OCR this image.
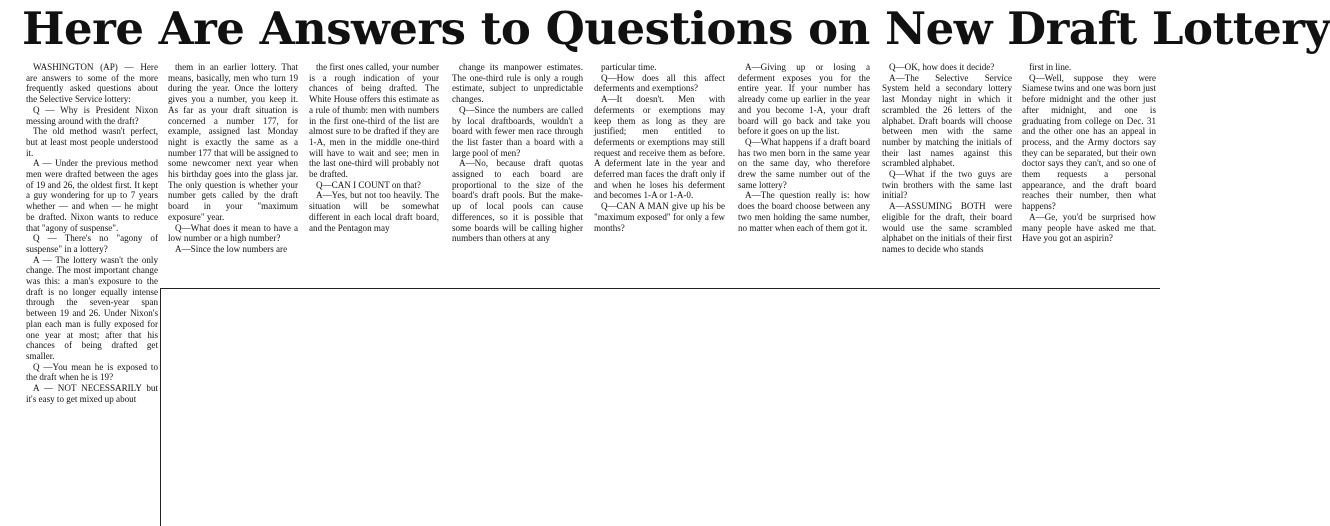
Here Are Answers to Questions on New Draft Lottery

WASHINGTON (AP) — Here are answers to some of the more frequently asked questions about the Selective Service lottery:

Q — Why is President Nixon messing around with the draft?

The old method wasn't perfect, but at least most people understood it.

A — Under the previous method men were drafted between the ages of 19 and 26, the oldest first. It kept a guy wondering for up to 7 years whether — and when — he might be drafted. Nixon wants to reduce that "agony of suspense".

Q — There's no "agony of suspense" in a lottery?

A — The lottery wasn't the only change. The most important change was this: a man's exposure to the draft is no longer equally intense through the seven-year span between 19 and 26. Under Nixon's plan each man is fully exposed for one year at most; after that his chances of being drafted get smaller.

Q —You mean he is exposed to the draft when he is 19?

A — NOT NECESSARILY but it's easy to get mixed up about

them in an earlier lottery. That means, basically, men who turn 19 during the year. Once the lottery gives you a number, you keep it. As far as your draft situation is concerned a number 177, for example, assigned last Monday night is exactly the same as a number 177 that will be assigned to some newcomer next year when his birthday goes into the glass jar. The only question is whether your number gets called by the draft board in your "maximum exposure" year.

Q—What does it mean to have a low number or a high number?

A—Since the low numbers are

the first ones called, your number is a rough indication of your chances of being drafted. The White House offers this estimate as a rule of thumb: men with numbers in the first one-third of the list are almost sure to be drafted if they are 1-A, men in the middle one-third will have to wait and see; men in the last one-third will probably not be drafted.

Q—CAN I COUNT on that?

A—Yes, but not too heavily. The situation will be somewhat different in each local draft board, and the Pentagon may

change its manpower estimates. The one-third rule is only a rough estimate, subject to unpredictable changes.

Q—Since the numbers are called by local draftboards, wouldn't a board with fewer men race through the list faster than a board with a large pool of men?

A—No, because draft quotas assigned to each board are proportional to the size of the board's draft pools. But the make-up of local pools can cause differences, so it is possible that some boards will be calling higher numbers than others at any

particular time.

Q—How does all this affect deferments and exemptions?

A—It doesn't. Men with deferments or exemptions may keep them as long as they are justified; men entitled to deferments or exemptions may still request and receive them as before. A deferment late in the year and deferred man faces the draft only if and when he loses his deferment and becomes 1-A or 1-A-0.

Q—CAN A MAN give up his be "maximum exposed" for only a few months?

A—Giving up or losing a deferment exposes you for the entire year. If your number has already come up earlier in the year and you become 1-A, your draft board will go back and take you before it goes on up the list.

Q—What happens if a draft board has two men born in the same year on the same day, who therefore drew the same number out of the same lottery?

A—The question really is: how does the board choose between any two men holding the same number, no matter when each of them got it.

Q—OK, how does it decide?

A—The Selective Service System held a secondary lottery last Monday night in which it scrambled the 26 letters of the alphabet. Draft boards will choose between men with the same number by matching the initials of their last names against this scrambled alphabet.

Q—What if the two guys are twin brothers with the same last initial?

A—ASSUMING BOTH were eligible for the draft, their board would use the same scrambled alphabet on the initials of their first names to decide who stands

first in line.

Q—Well, suppose they were Siamese twins and one was born just before midnight and the other just after midnight, and one is graduating from college on Dec. 31 and the other one has an appeal in process, and the Army doctors say they can be separated, but their own doctor says they can't, and so one of them requests a personal appearance, and the draft board reaches their number, then what happens?

A—Ge, you'd be surprised how many people have asked me that. Have you got an aspirin?
